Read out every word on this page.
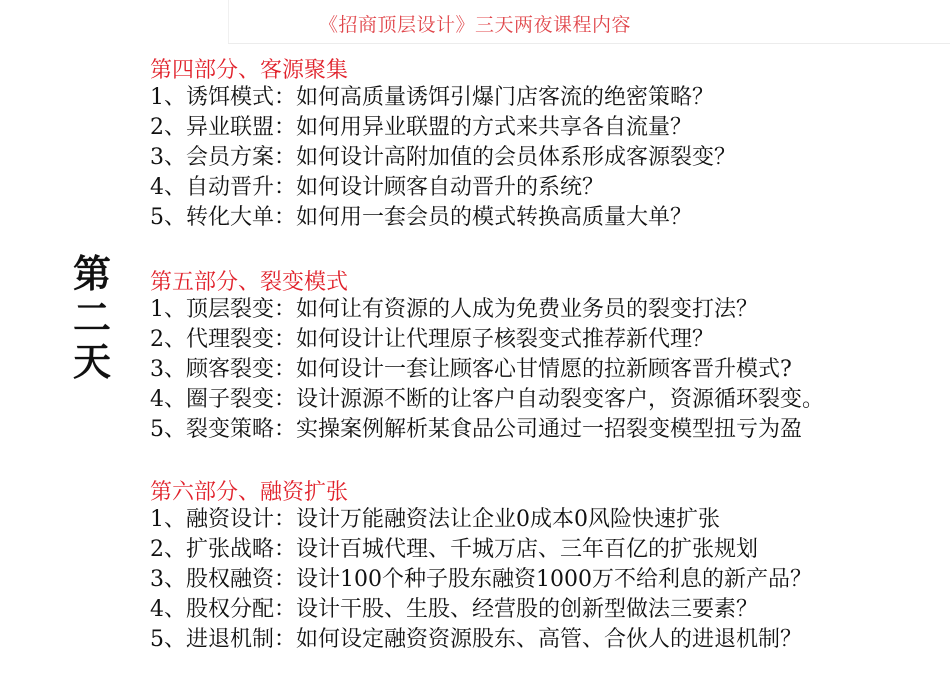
《招商顶层设计》三天两夜课程内容
第
二
天
第四部分、客源聚集
1、诱饵模式：如何高质量诱饵引爆门店客流的绝密策略？
2、异业联盟：如何用异业联盟的方式来共享各自流量？
3、会员方案：如何设计高附加值的会员体系形成客源裂变？
4、自动晋升：如何设计顾客自动晋升的系统？
5、转化大单：如何用一套会员的模式转换高质量大单？
第五部分、裂变模式
1、顶层裂变：如何让有资源的人成为免费业务员的裂变打法？
2、代理裂变：如何设计让代理原子核裂变式推荐新代理？
3、顾客裂变：如何设计一套让顾客心甘情愿的拉新顾客晋升模式?
4、圈子裂变：设计源源不断的让客户自动裂变客户，资源循环裂变。
5、裂变策略：实操案例解析某食品公司通过一招裂变模型扭亏为盈
第六部分、融资扩张
1、融资设计：设计万能融资法让企业0成本0风险快速扩张
2、扩张战略：设计百城代理、千城万店、三年百亿的扩张规划
3、股权融资：设计100个种子股东融资1000万不给利息的新产品？
4、股权分配：设计干股、生股、经营股的创新型做法三要素？
5、进退机制：如何设定融资资源股东、高管、合伙人的进退机制？
